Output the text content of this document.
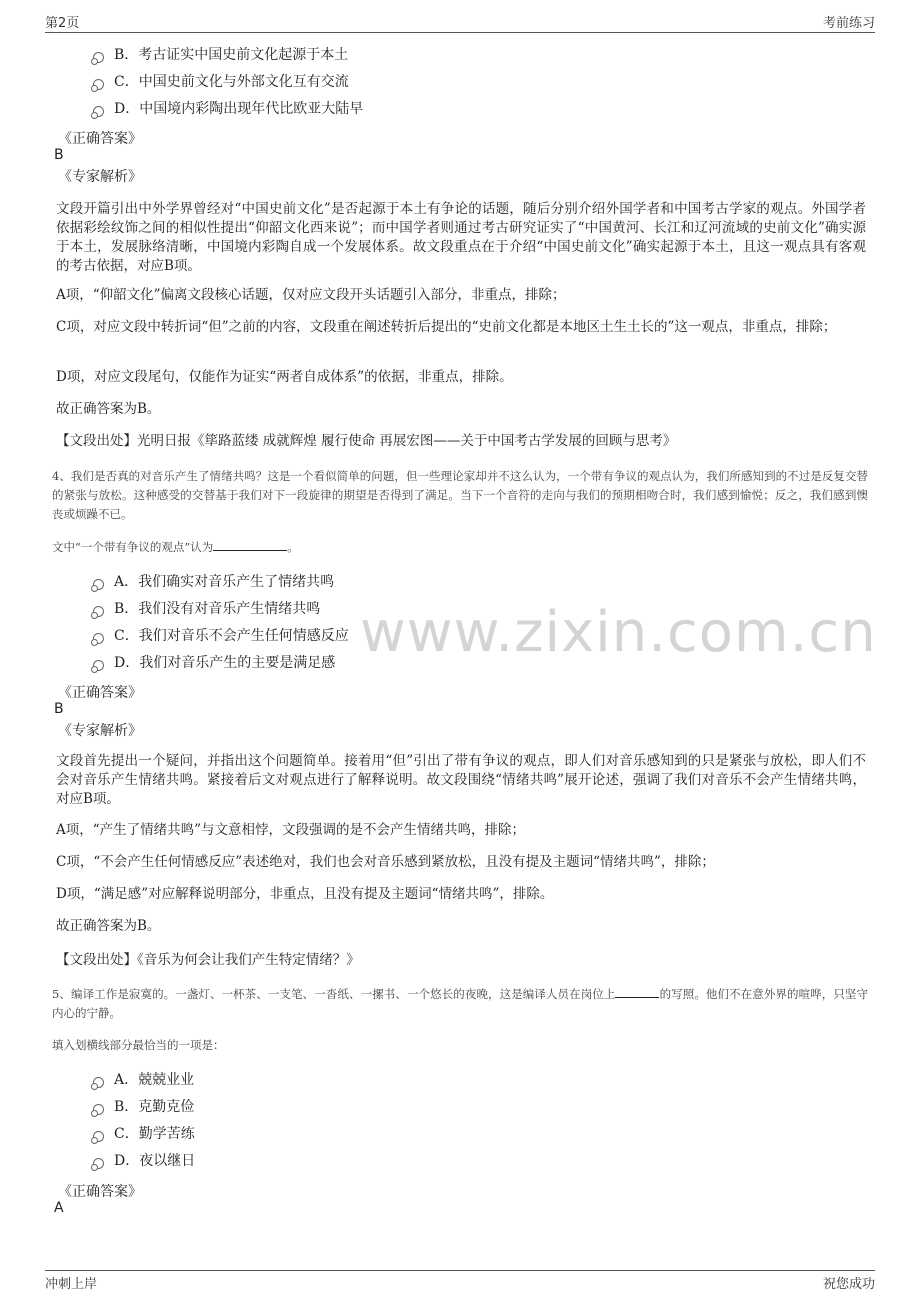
第2页	考前练习
www.zixin.com.cn
B．考古证实中国史前文化起源于本土
C．中国史前文化与外部文化互有交流
D．中国境内彩陶出现年代比欧亚大陆早
《正确答案》
B
《专家解析》
文段开篇引出中外学界曾经对“中国史前文化”是否起源于本土有争论的话题，随后分别介绍外国学者和中国考古学家的观点。外国学者依据彩绘纹饰之间的相似性提出“仰韶文化西来说”；而中国学者则通过考古研究证实了“中国黄河、长江和辽河流域的史前文化”确实源于本土，发展脉络清晰，中国境内彩陶自成一个发展体系。故文段重点在于介绍“中国史前文化”确实起源于本土，且这一观点具有客观的考古依据，对应B项。
A项，“仰韶文化”偏离文段核心话题，仅对应文段开头话题引入部分，非重点，排除；
C项，对应文段中转折词“但”之前的内容，文段重在阐述转折后提出的“史前文化都是本地区土生土长的”这一观点，非重点，排除；
D项，对应文段尾句，仅能作为证实“两者自成体系”的依据，非重点，排除。
故正确答案为B。
【文段出处】光明日报《筚路蓝缕 成就辉煌 履行使命 再展宏图——关于中国考古学发展的回顾与思考》
4、我们是否真的对音乐产生了情绪共鸣？这是一个看似简单的问题，但一些理论家却并不这么认为，一个带有争议的观点认为，我们所感知到的不过是反复交替的紧张与放松。这种感受的交替基于我们对下一段旋律的期望是否得到了满足。当下一个音符的走向与我们的预期相吻合时，我们感到愉悦；反之，我们感到懊丧或烦躁不已。
文中“一个带有争议的观点”认为	。
A．我们确实对音乐产生了情绪共鸣
B．我们没有对音乐产生情绪共鸣
C．我们对音乐不会产生任何情感反应
D．我们对音乐产生的主要是满足感
《正确答案》
B
《专家解析》
文段首先提出一个疑问，并指出这个问题简单。接着用“但”引出了带有争议的观点，即人们对音乐感知到的只是紧张与放松，即人们不会对音乐产生情绪共鸣。紧接着后文对观点进行了解释说明。故文段围绕“情绪共鸣”展开论述，强调了我们对音乐不会产生情绪共鸣，对应B项。
A项，“产生了情绪共鸣”与文意相悖，文段强调的是不会产生情绪共鸣，排除；
C项，“不会产生任何情感反应”表述绝对，我们也会对音乐感到紧放松，且没有提及主题词“情绪共鸣”，排除；
D项，“满足感”对应解释说明部分，非重点，且没有提及主题词“情绪共鸣”，排除。
故正确答案为B。
【文段出处】《音乐为何会让我们产生特定情绪？》
5、编译工作是寂寞的。一盏灯、一杯茶、一支笔、一沓纸、一摞书、一个悠长的夜晚，这是编译人员在岗位上	的写照。他们不在意外界的喧哗，只坚守内心的宁静。
填入划横线部分最恰当的一项是：
A．兢兢业业
B．克勤克俭
C．勤学苦练
D．夜以继日
《正确答案》
A
冲刺上岸	祝您成功
